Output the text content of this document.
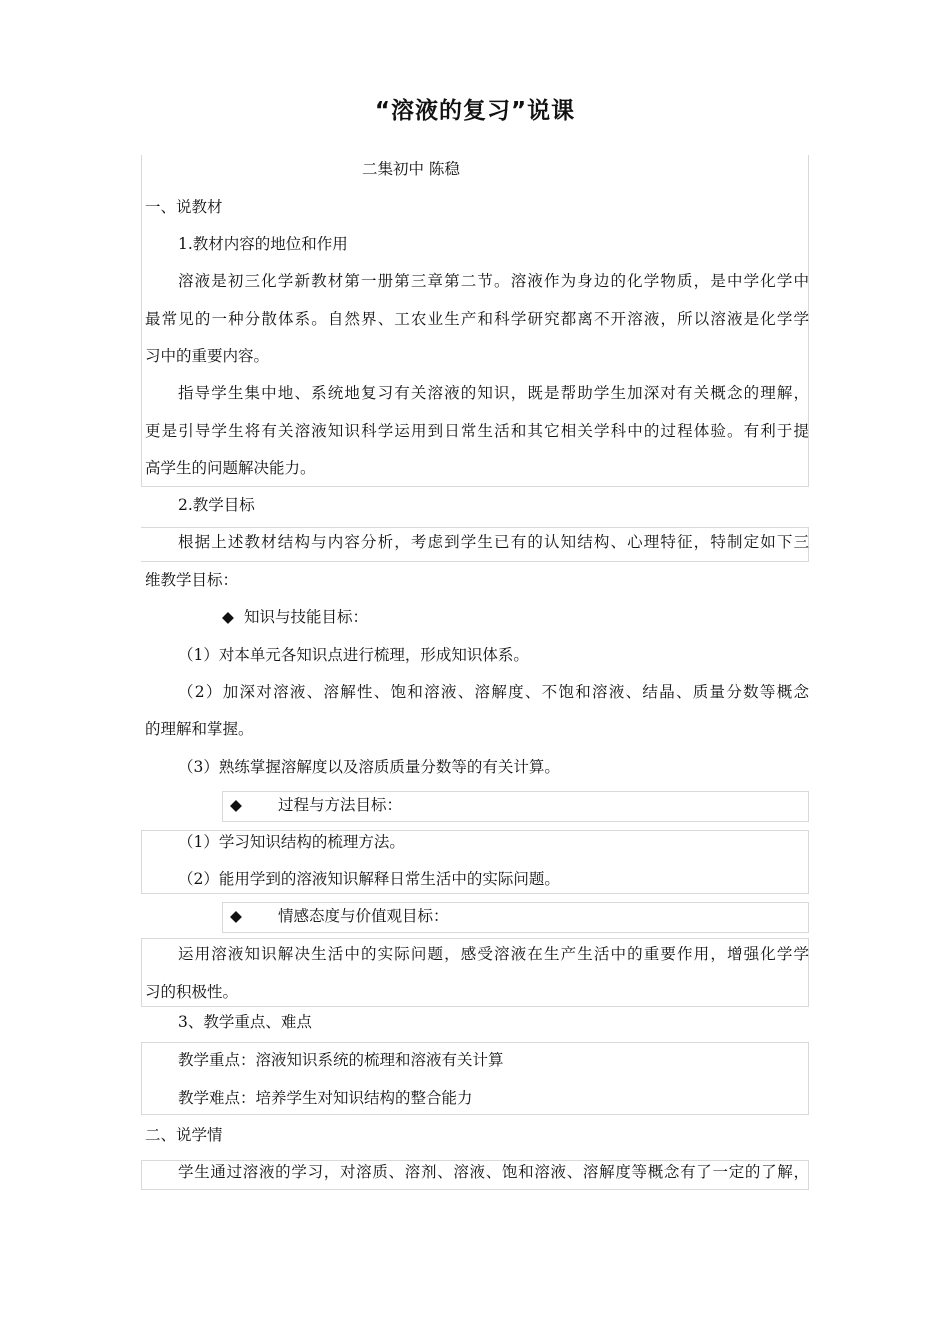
“溶液的复习”说课
二集初中 陈稳
一、说教材
1.教材内容的地位和作用
溶液是初三化学新教材第一册第三章第二节。溶液作为身边的化学物质，是中学化学中
最常见的一种分散体系。自然界、工农业生产和科学研究都离不开溶液，所以溶液是化学学
习中的重要内容。
指导学生集中地、系统地复习有关溶液的知识，既是帮助学生加深对有关概念的理解，
更是引导学生将有关溶液知识科学运用到日常生活和其它相关学科中的过程体验。有利于提
高学生的问题解决能力。
2.教学目标
根据上述教材结构与内容分析，考虑到学生已有的认知结构、心理特征，特制定如下三
维教学目标：
◆ 知识与技能目标：
（1）对本单元各知识点进行梳理，形成知识体系。
（2）加深对溶液、溶解性、饱和溶液、溶解度、不饱和溶液、结晶、质量分数等概念
的理解和掌握。
（3）熟练掌握溶解度以及溶质质量分数等的有关计算。
◆ 过程与方法目标：
（1）学习知识结构的梳理方法。
（2）能用学到的溶液知识解释日常生活中的实际问题。
◆ 情感态度与价值观目标：
运用溶液知识解决生活中的实际问题，感受溶液在生产生活中的重要作用，增强化学学
习的积极性。
3、教学重点、难点
教学重点：溶液知识系统的梳理和溶液有关计算
教学难点：培养学生对知识结构的整合能力
二、说学情
学生通过溶液的学习，对溶质、溶剂、溶液、饱和溶液、溶解度等概念有了一定的了解，
